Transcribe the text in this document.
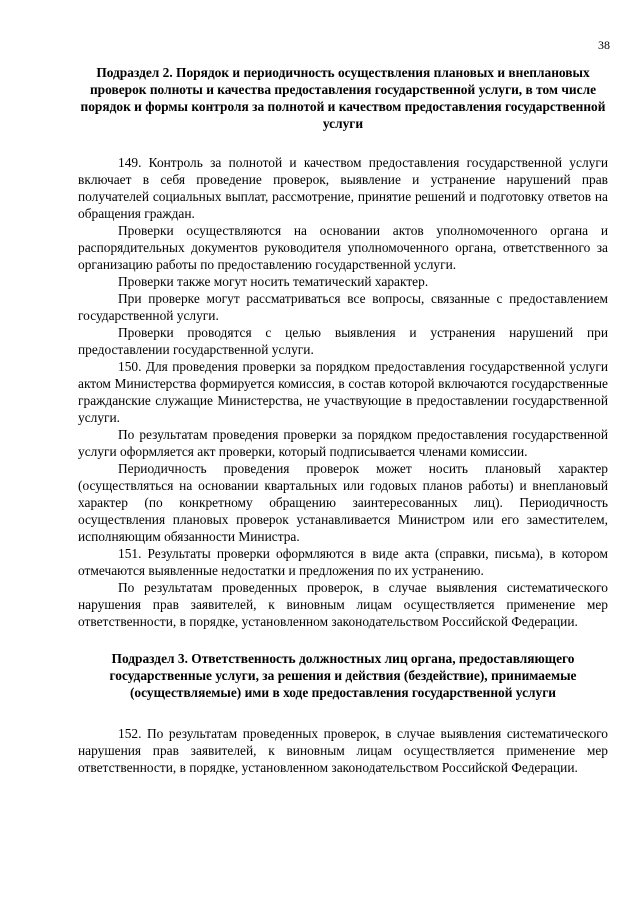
38
Подраздел 2. Порядок и периодичность осуществления плановых и внеплановых проверок полноты и качества предоставления государственной услуги, в том числе порядок и формы контроля за полнотой и качеством предоставления государственной услуги

149. Контроль за полнотой и качеством предоставления государственной услуги включает в себя проведение проверок, выявление и устранение нарушений прав получателей социальных выплат, рассмотрение, принятие решений и подготовку ответов на обращения граждан.

Проверки осуществляются на основании актов уполномоченного органа и распорядительных документов руководителя уполномоченного органа, ответственного за организацию работы по предоставлению государственной услуги.

Проверки также могут носить тематический характер.

При проверке могут рассматриваться все вопросы, связанные с предоставлением государственной услуги.

Проверки проводятся с целью выявления и устранения нарушений при предоставлении государственной услуги.

150. Для проведения проверки за порядком предоставления государственной услуги актом Министерства формируется комиссия, в состав которой включаются государственные гражданские служащие Министерства, не участвующие в предоставлении государственной услуги.

По результатам проведения проверки за порядком предоставления государственной услуги оформляется акт проверки, который подписывается членами комиссии.

Периодичность проведения проверок может носить плановый характер (осуществляться на основании квартальных или годовых планов работы) и внеплановый характер (по конкретному обращению заинтересованных лиц). Периодичность осуществления плановых проверок устанавливается Министром или его заместителем, исполняющим обязанности Министра.

151. Результаты проверки оформляются в виде акта (справки, письма), в котором отмечаются выявленные недостатки и предложения по их устранению.

По результатам проведенных проверок, в случае выявления систематического нарушения прав заявителей, к виновным лицам осуществляется применение мер ответственности, в порядке, установленном законодательством Российской Федерации.

Подраздел 3. Ответственность должностных лиц органа, предоставляющего государственные услуги, за решения и действия (бездействие), принимаемые (осуществляемые) ими в ходе предоставления государственной услуги

152. По результатам проведенных проверок, в случае выявления систематического нарушения прав заявителей, к виновным лицам осуществляется применение мер ответственности, в порядке, установленном законодательством Российской Федерации.
